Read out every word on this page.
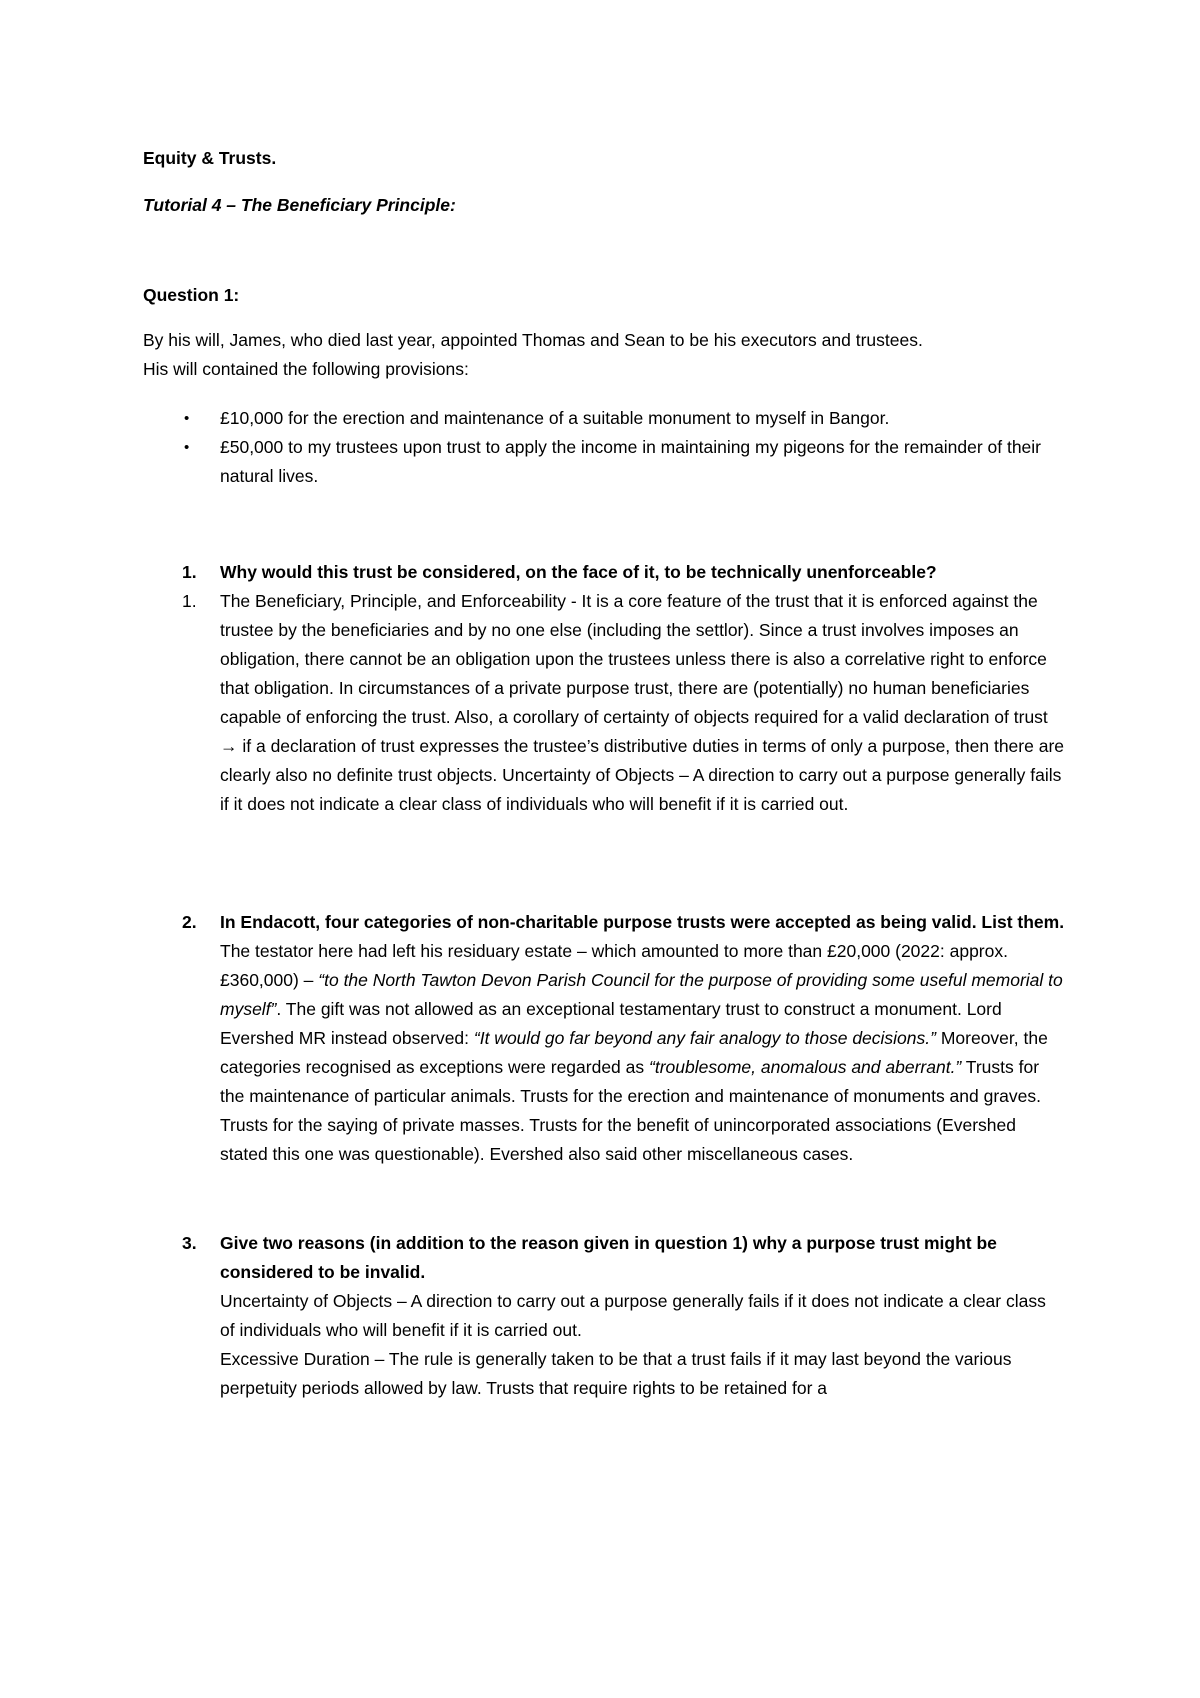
Equity & Trusts.

Tutorial 4 – The Beneficiary Principle:

Question 1:

By his will, James, who died last year, appointed Thomas and Sean to be his executors and trustees.
His will contained the following provisions:

•	£10,000 for the erection and maintenance of a suitable monument to myself in Bangor.
•	£50,000 to my trustees upon trust to apply the income in maintaining my pigeons for the remainder of their natural lives.
1.	Why would this trust be considered, on the face of it, to be technically unenforceable?
1.	The Beneficiary, Principle, and Enforceability - It is a core feature of the trust that it is enforced against the trustee by the beneficiaries and by no one else (including the settlor). Since a trust involves imposes an obligation, there cannot be an obligation upon the trustees unless there is also a correlative right to enforce that obligation. In circumstances of a private purpose trust, there are (potentially) no human beneficiaries capable of enforcing the trust. Also, a corollary of certainty of objects required for a valid declaration of trust → if a declaration of trust expresses the trustee’s distributive duties in terms of only a purpose, then there are clearly also no definite trust objects. Uncertainty of Objects – A direction to carry out a purpose generally fails if it does not indicate a clear class of individuals who will benefit if it is carried out.
2.	In Endacott, four categories of non-charitable purpose trusts were accepted as being valid. List them.
The testator here had left his residuary estate – which amounted to more than £20,000 (2022: approx. £360,000) – “to the North Tawton Devon Parish Council for the purpose of providing some useful memorial to myself”. The gift was not allowed as an exceptional testamentary trust to construct a monument. Lord Evershed MR instead observed: “It would go far beyond any fair analogy to those decisions.” Moreover, the categories recognised as exceptions were regarded as “troublesome, anomalous and aberrant.” Trusts for the maintenance of particular animals. Trusts for the erection and maintenance of monuments and graves. Trusts for the saying of private masses. Trusts for the benefit of unincorporated associations (Evershed stated this one was questionable). Evershed also said other miscellaneous cases.
3.	Give two reasons (in addition to the reason given in question 1) why a purpose trust might be considered to be invalid.
Uncertainty of Objects – A direction to carry out a purpose generally fails if it does not indicate a clear class of individuals who will benefit if it is carried out.
Excessive Duration – The rule is generally taken to be that a trust fails if it may last beyond the various perpetuity periods allowed by law. Trusts that require rights to be retained for a
